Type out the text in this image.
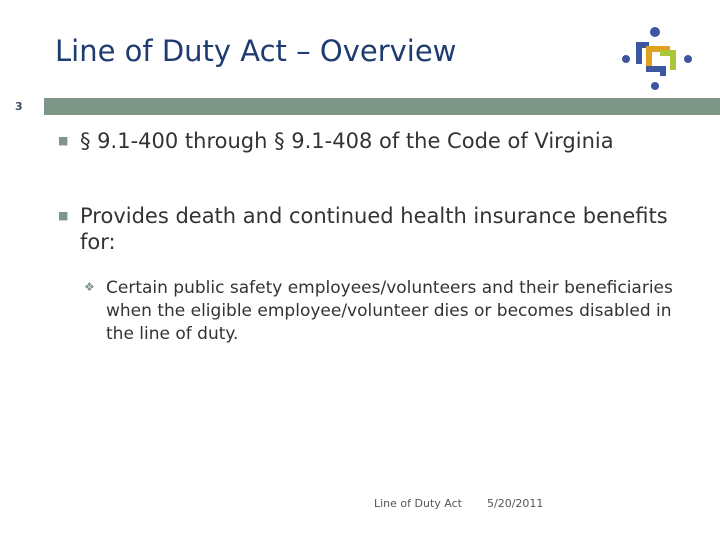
Line of Duty Act – Overview
3
■ § 9.1-400 through § 9.1-408 of the Code of Virginia
■ Provides death and continued health insurance benefits for:
❖ Certain public safety employees/volunteers and their beneficiaries when the eligible employee/volunteer dies or becomes disabled in the line of duty.
Line of Duty Act 5/20/2011
